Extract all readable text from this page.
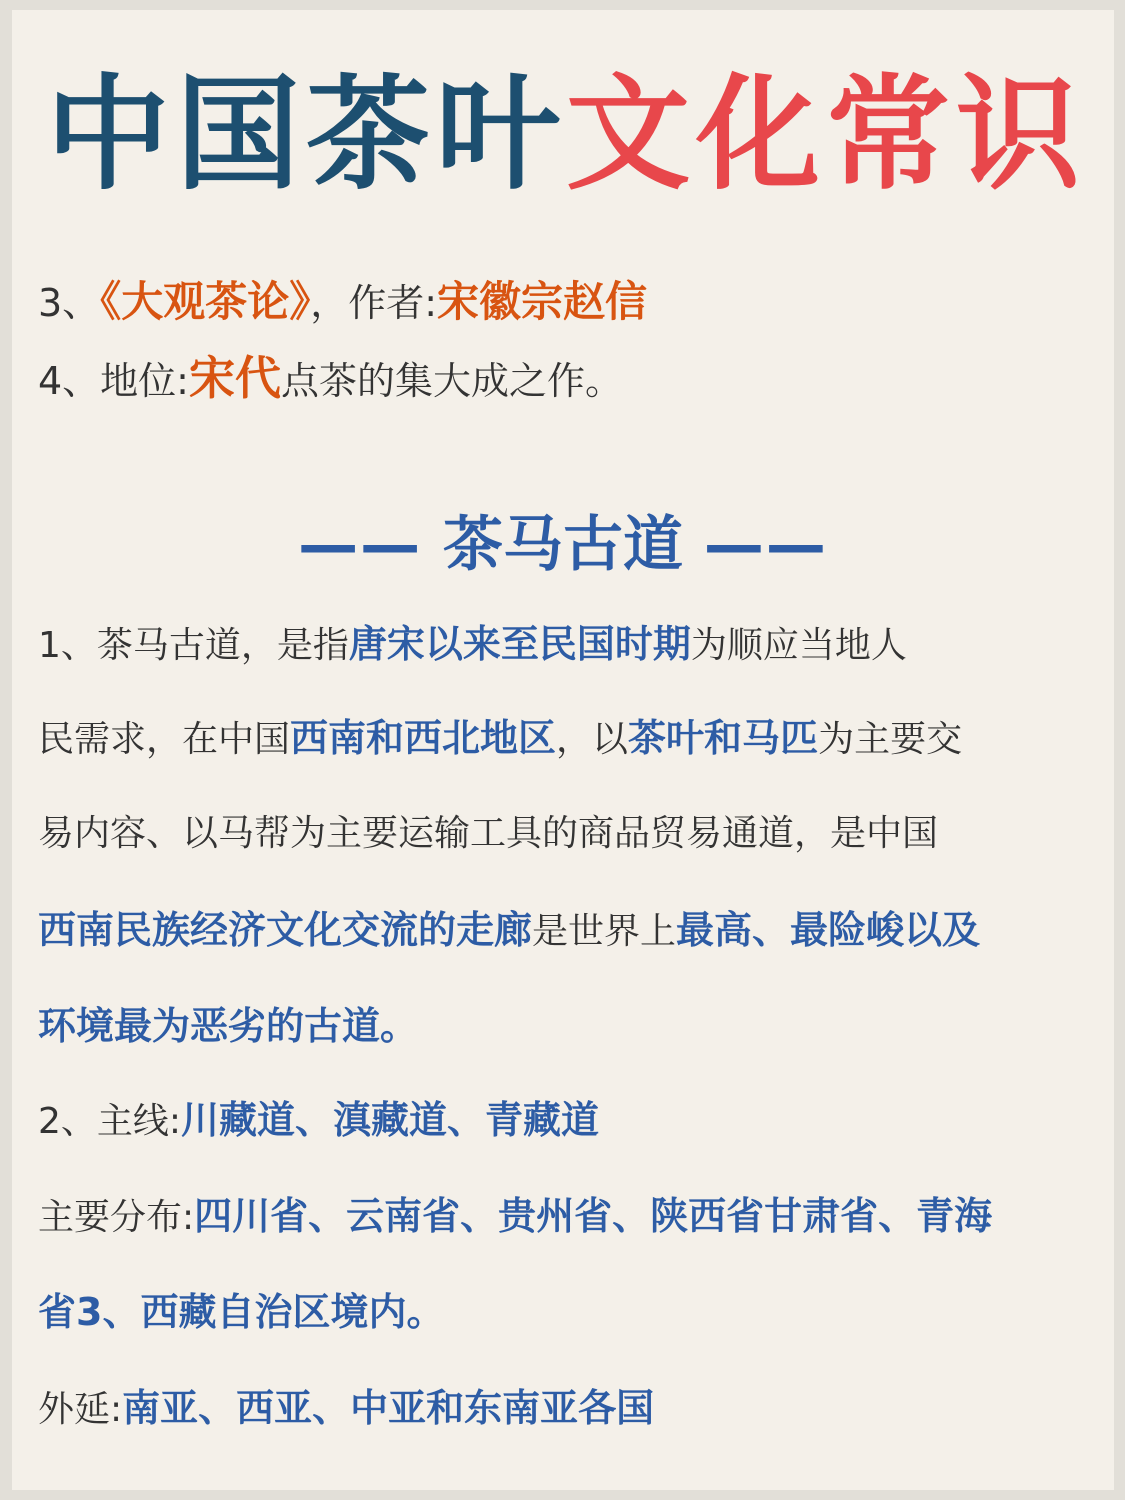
中国茶叶文化常识
3、《大观茶论》，作者:宋徽宗赵信
4、地位:宋代点茶的集大成之作。
—— 茶马古道 ——
1、茶马古道，是指唐宋以来至民国时期为顺应当地人
民需求，在中国西南和西北地区，以茶叶和马匹为主要交
易内容、以马帮为主要运输工具的商品贸易通道，是中国
西南民族经济文化交流的走廊是世界上最高、最险峻以及
环境最为恶劣的古道。
2、主线:川藏道、滇藏道、青藏道
主要分布:四川省、云南省、贵州省、陕西省甘肃省、青海
省3、西藏自治区境内。
外延:南亚、西亚、中亚和东南亚各国
